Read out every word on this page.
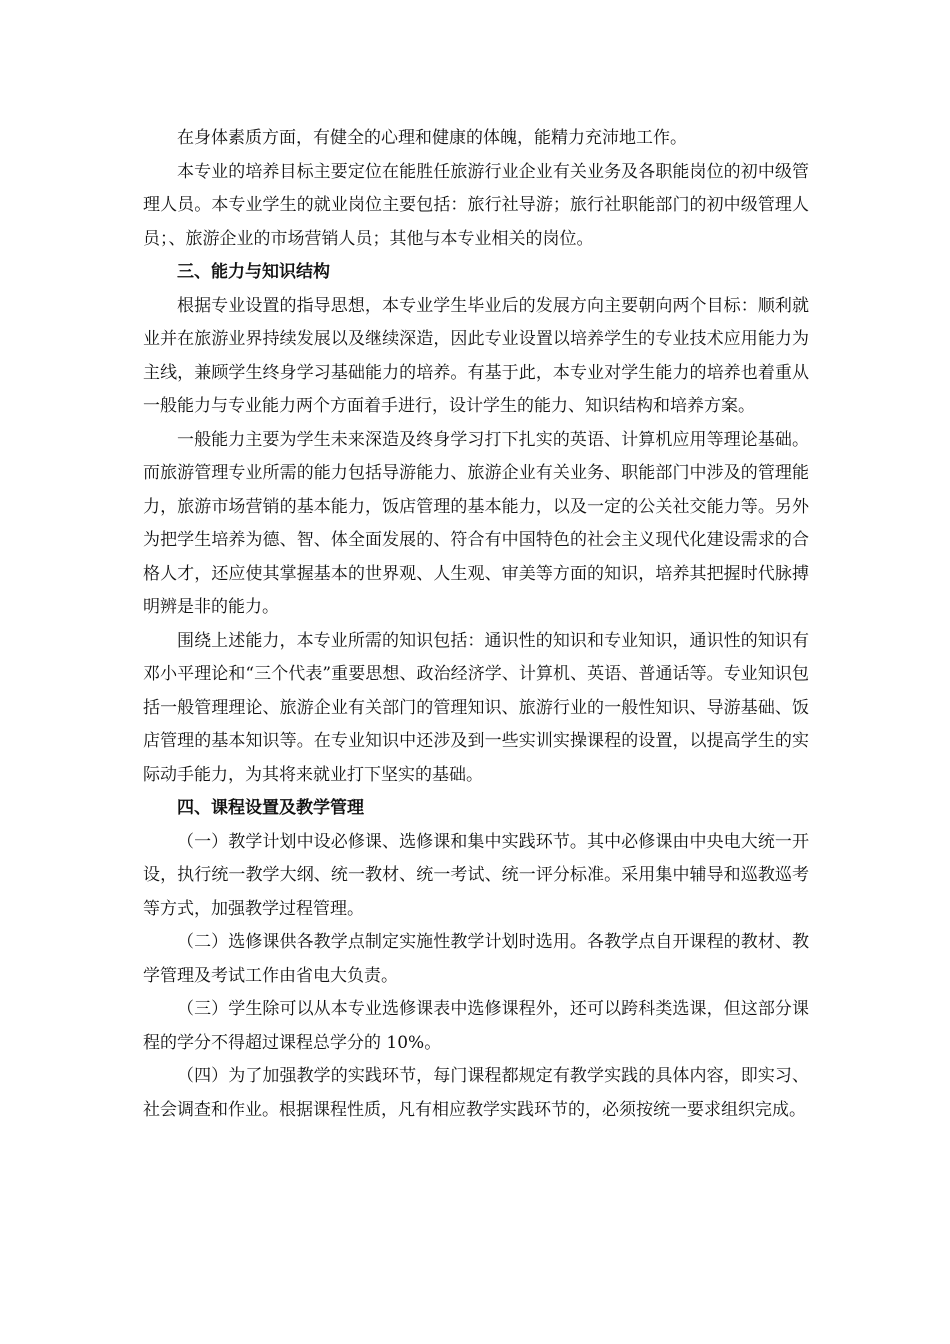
在身体素质方面，有健全的心理和健康的体魄，能精力充沛地工作。

本专业的培养目标主要定位在能胜任旅游行业企业有关业务及各职能岗位的初中级管理人员。本专业学生的就业岗位主要包括：旅行社导游；旅行社职能部门的初中级管理人员；、旅游企业的市场营销人员；其他与本专业相关的岗位。

三、能力与知识结构

根据专业设置的指导思想，本专业学生毕业后的发展方向主要朝向两个目标：顺利就业并在旅游业界持续发展以及继续深造，因此专业设置以培养学生的专业技术应用能力为主线，兼顾学生终身学习基础能力的培养。有基于此，本专业对学生能力的培养也着重从一般能力与专业能力两个方面着手进行，设计学生的能力、知识结构和培养方案。

一般能力主要为学生未来深造及终身学习打下扎实的英语、计算机应用等理论基础。而旅游管理专业所需的能力包括导游能力、旅游企业有关业务、职能部门中涉及的管理能力，旅游市场营销的基本能力，饭店管理的基本能力，以及一定的公关社交能力等。另外为把学生培养为德、智、体全面发展的、符合有中国特色的社会主义现代化建设需求的合格人才，还应使其掌握基本的世界观、人生观、审美等方面的知识，培养其把握时代脉搏明辨是非的能力。

围绕上述能力，本专业所需的知识包括：通识性的知识和专业知识，通识性的知识有邓小平理论和“三个代表”重要思想、政治经济学、计算机、英语、普通话等。专业知识包括一般管理理论、旅游企业有关部门的管理知识、旅游行业的一般性知识、导游基础、饭店管理的基本知识等。在专业知识中还涉及到一些实训实操课程的设置，以提高学生的实际动手能力，为其将来就业打下坚实的基础。

四、课程设置及教学管理

（一）教学计划中设必修课、选修课和集中实践环节。其中必修课由中央电大统一开设，执行统一教学大纲、统一教材、统一考试、统一评分标准。采用集中辅导和巡教巡考等方式，加强教学过程管理。

（二）选修课供各教学点制定实施性教学计划时选用。各教学点自开课程的教材、教学管理及考试工作由省电大负责。

（三）学生除可以从本专业选修课表中选修课程外，还可以跨科类选课，但这部分课程的学分不得超过课程总学分的 10%。

（四）为了加强教学的实践环节，每门课程都规定有教学实践的具体内容，即实习、社会调查和作业。根据课程性质，凡有相应教学实践环节的，必须按统一要求组织完成。
